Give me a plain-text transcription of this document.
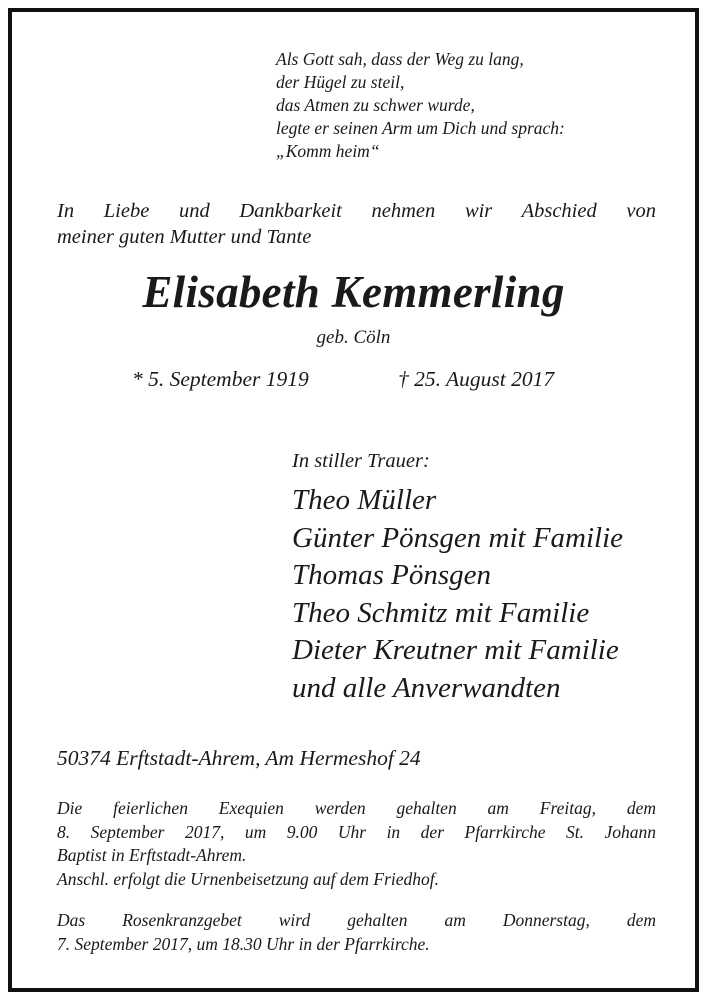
Als Gott sah, dass der Weg zu lang,
der Hügel zu steil,
das Atmen zu schwer wurde,
legte er seinen Arm um Dich und sprach:
„Komm heim“
In Liebe und Dankbarkeit nehmen wir Abschied von
meiner guten Mutter und Tante
Elisabeth Kemmerling
geb. Cöln
* 5. September 1919	† 25. August 2017
In stiller Trauer:
Theo Müller
Günter Pönsgen mit Familie
Thomas Pönsgen
Theo Schmitz mit Familie
Dieter Kreutner mit Familie
und alle Anverwandten
50374 Erftstadt-Ahrem, Am Hermeshof 24
Die feierlichen Exequien werden gehalten am Freitag, dem
8. September 2017, um 9.00 Uhr in der Pfarrkirche St. Johann
Baptist in Erftstadt-Ahrem.
Anschl. erfolgt die Urnenbeisetzung auf dem Friedhof.
Das Rosenkranzgebet wird gehalten am Donnerstag, dem
7. September 2017, um 18.30 Uhr in der Pfarrkirche.
